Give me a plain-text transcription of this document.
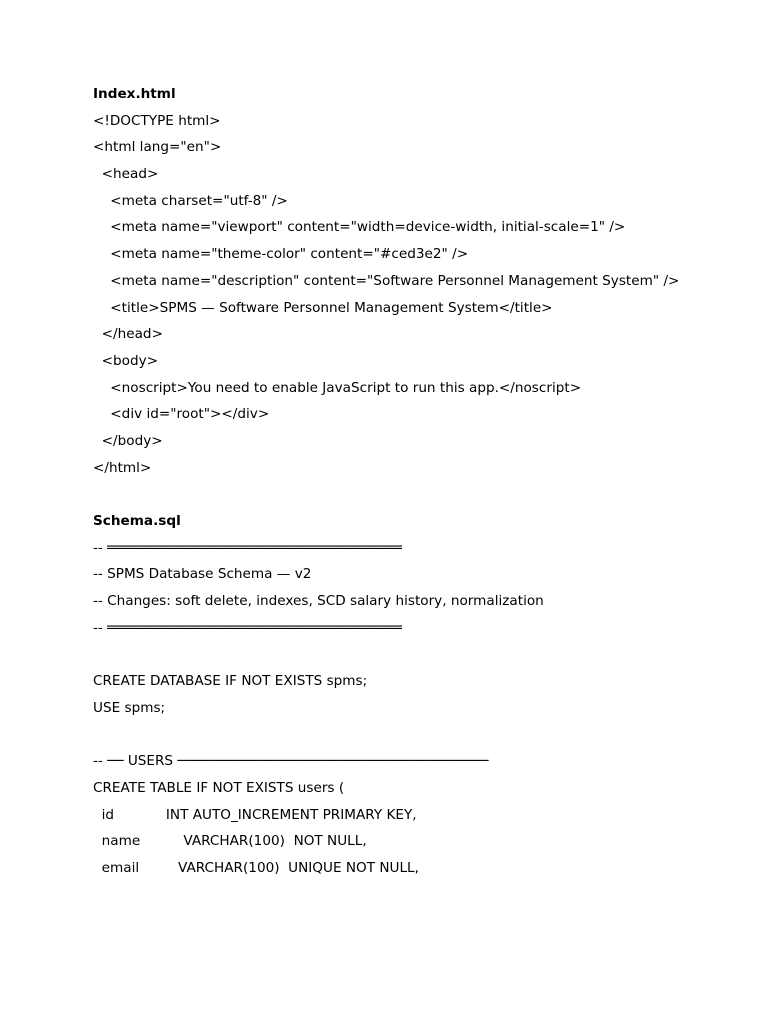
Index.html
<!DOCTYPE html>
<html lang="en">
<head>
<meta charset="utf-8" />
<meta name="viewport" content="width=device-width, initial-scale=1" />
<meta name="theme-color" content="#ced3e2" />
<meta name="description" content="Software Personnel Management System" />
<title>SPMS — Software Personnel Management System</title>
</head>
<body>
<noscript>You need to enable JavaScript to run this app.</noscript>
<div id="root"></div>
</body>
</html>
Schema.sql
-- ════════════════════════════════════
-- SPMS Database Schema — v2
-- Changes: soft delete, indexes, SCD salary history, normalization
-- ════════════════════════════════════
CREATE DATABASE IF NOT EXISTS spms;
USE spms;
-- ── USERS ──────────────────────────────────────
CREATE TABLE IF NOT EXISTS users (
id            INT AUTO_INCREMENT PRIMARY KEY,
name          VARCHAR(100)  NOT NULL,
email         VARCHAR(100)  UNIQUE NOT NULL,
